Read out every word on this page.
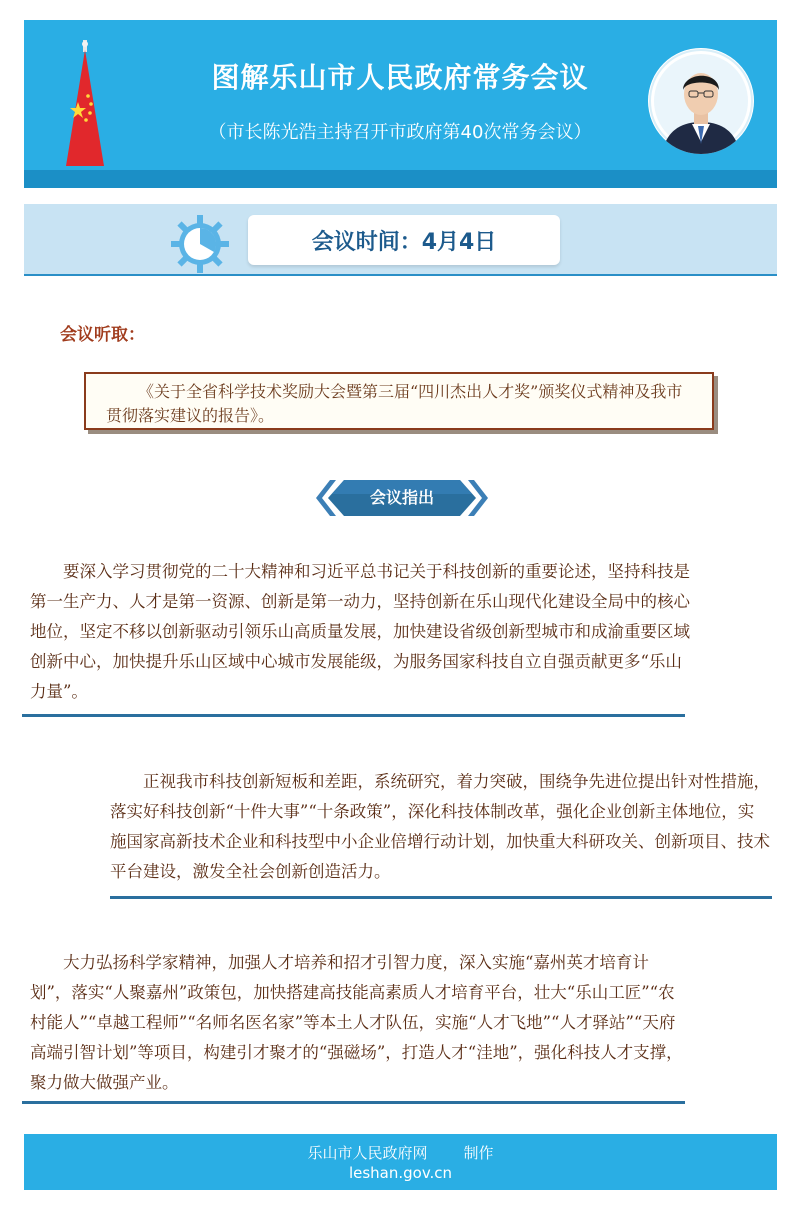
图解乐山市人民政府常务会议
（市长陈光浩主持召开市政府第40次常务会议）
会议时间：4月4日
会议听取：

《关于全省科学技术奖励大会暨第三届“四川杰出人才奖”颁奖仪式精神及我市贯彻落实建议的报告》。

会议指出

要深入学习贯彻党的二十大精神和习近平总书记关于科技创新的重要论述，坚持科技是第一生产力、人才是第一资源、创新是第一动力，坚持创新在乐山现代化建设全局中的核心地位，坚定不移以创新驱动引领乐山高质量发展，加快建设省级创新型城市和成渝重要区域创新中心，加快提升乐山区域中心城市发展能级，为服务国家科技自立自强贡献更多“乐山力量”。

正视我市科技创新短板和差距，系统研究，着力突破，围绕争先进位提出针对性措施，落实好科技创新“十件大事”“十条政策”，深化科技体制改革，强化企业创新主体地位，实施国家高新技术企业和科技型中小企业倍增行动计划，加快重大科研攻关、创新项目、技术平台建设，激发全社会创新创造活力。

大力弘扬科学家精神，加强人才培养和招才引智力度，深入实施“嘉州英才培育计划”，落实“人聚嘉州”政策包，加快搭建高技能高素质人才培育平台，壮大“乐山工匠”“农村能人”“卓越工程师”“名师名医名家”等本土人才队伍，实施“人才飞地”“人才驿站”“天府高端引智计划”等项目，构建引才聚才的“强磁场”，打造人才“洼地”，强化科技人才支撑，聚力做大做强产业。

乐山市人民政府网 制作
leshan.gov.cn
